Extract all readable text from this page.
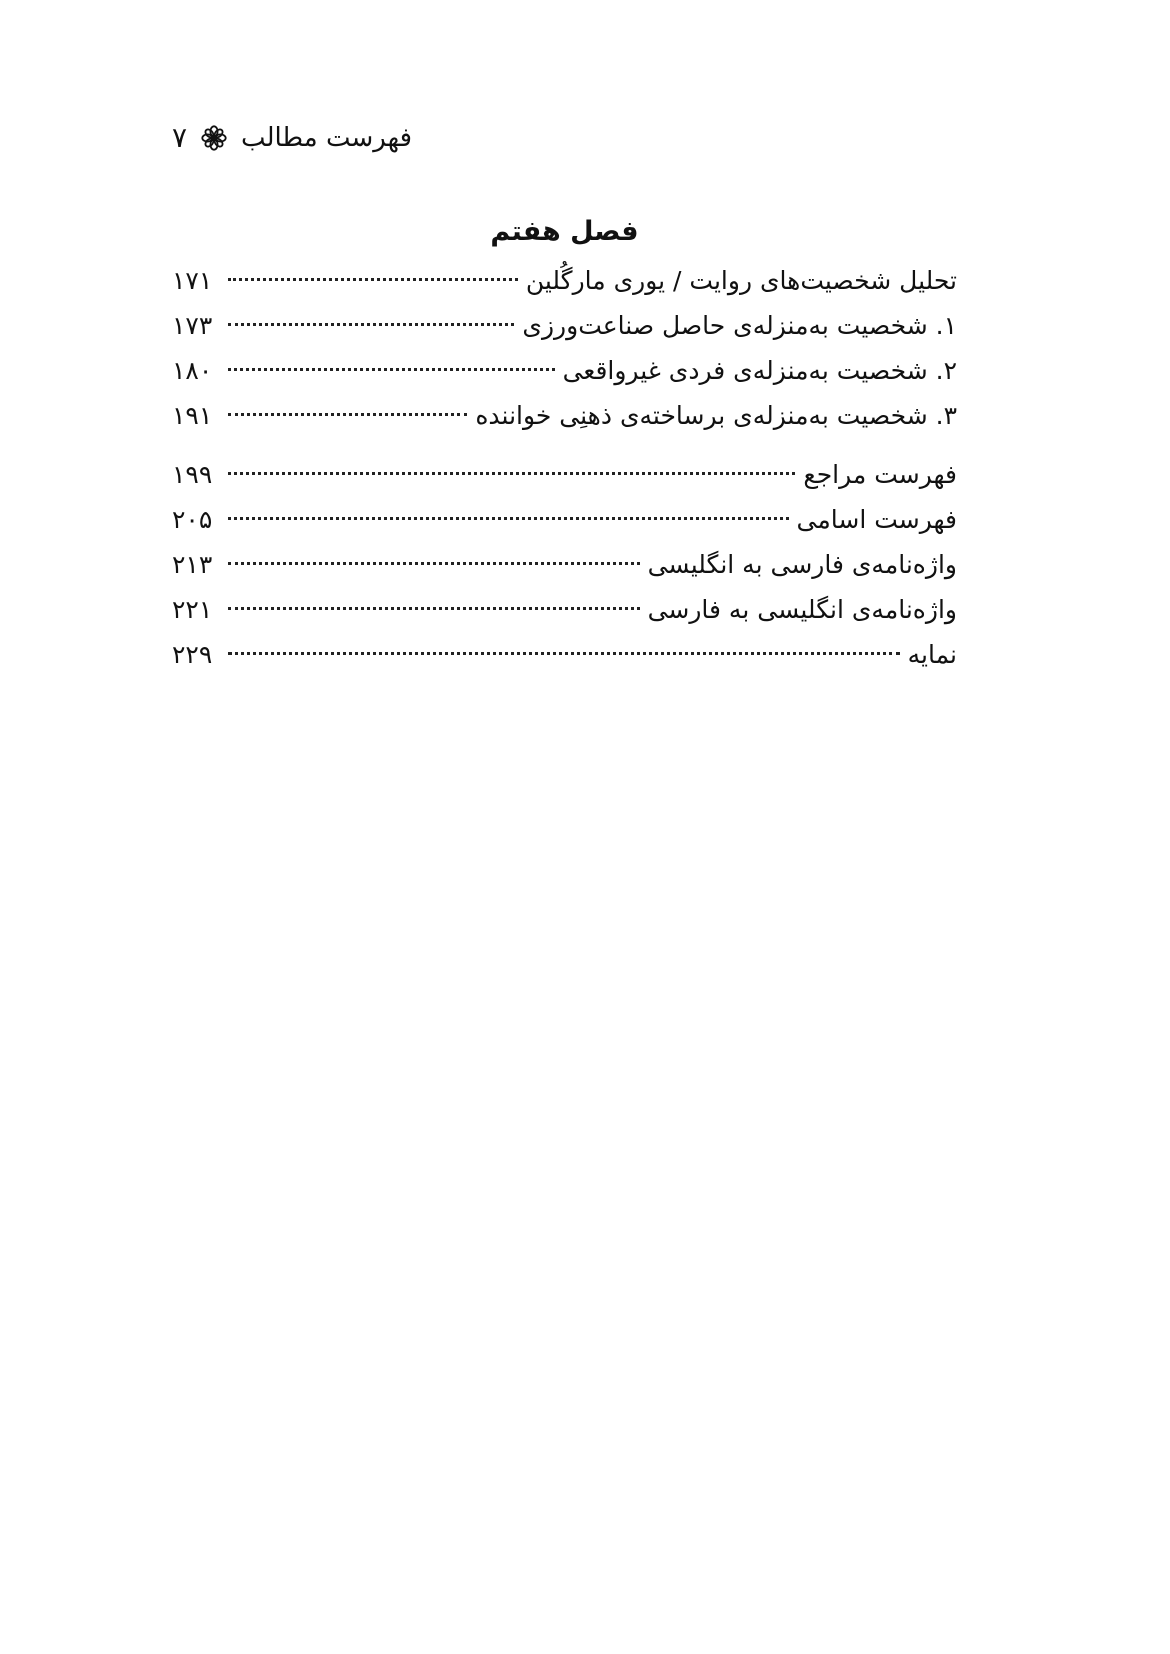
۷ فهرست مطالب
فصل هفتم
تحلیل شخصیت‌های روایت / یوری مارگُلین
۱۷۱
۱. شخصیت به‌منزله‌ی حاصل صناعت‌ورزی
۱۷۳
۲. شخصیت به‌منزله‌ی فردی غیرواقعی
۱۸۰
۳. شخصیت به‌منزله‌ی برساخته‌ی ذهنِی خواننده
۱۹۱
فهرست مراجع
۱۹۹
فهرست اسامی
۲۰۵
واژه‌نامه‌ی فارسی به انگلیسی
۲۱۳
واژه‌نامه‌ی انگلیسی به فارسی
۲۲۱
نمایه
۲۲۹
